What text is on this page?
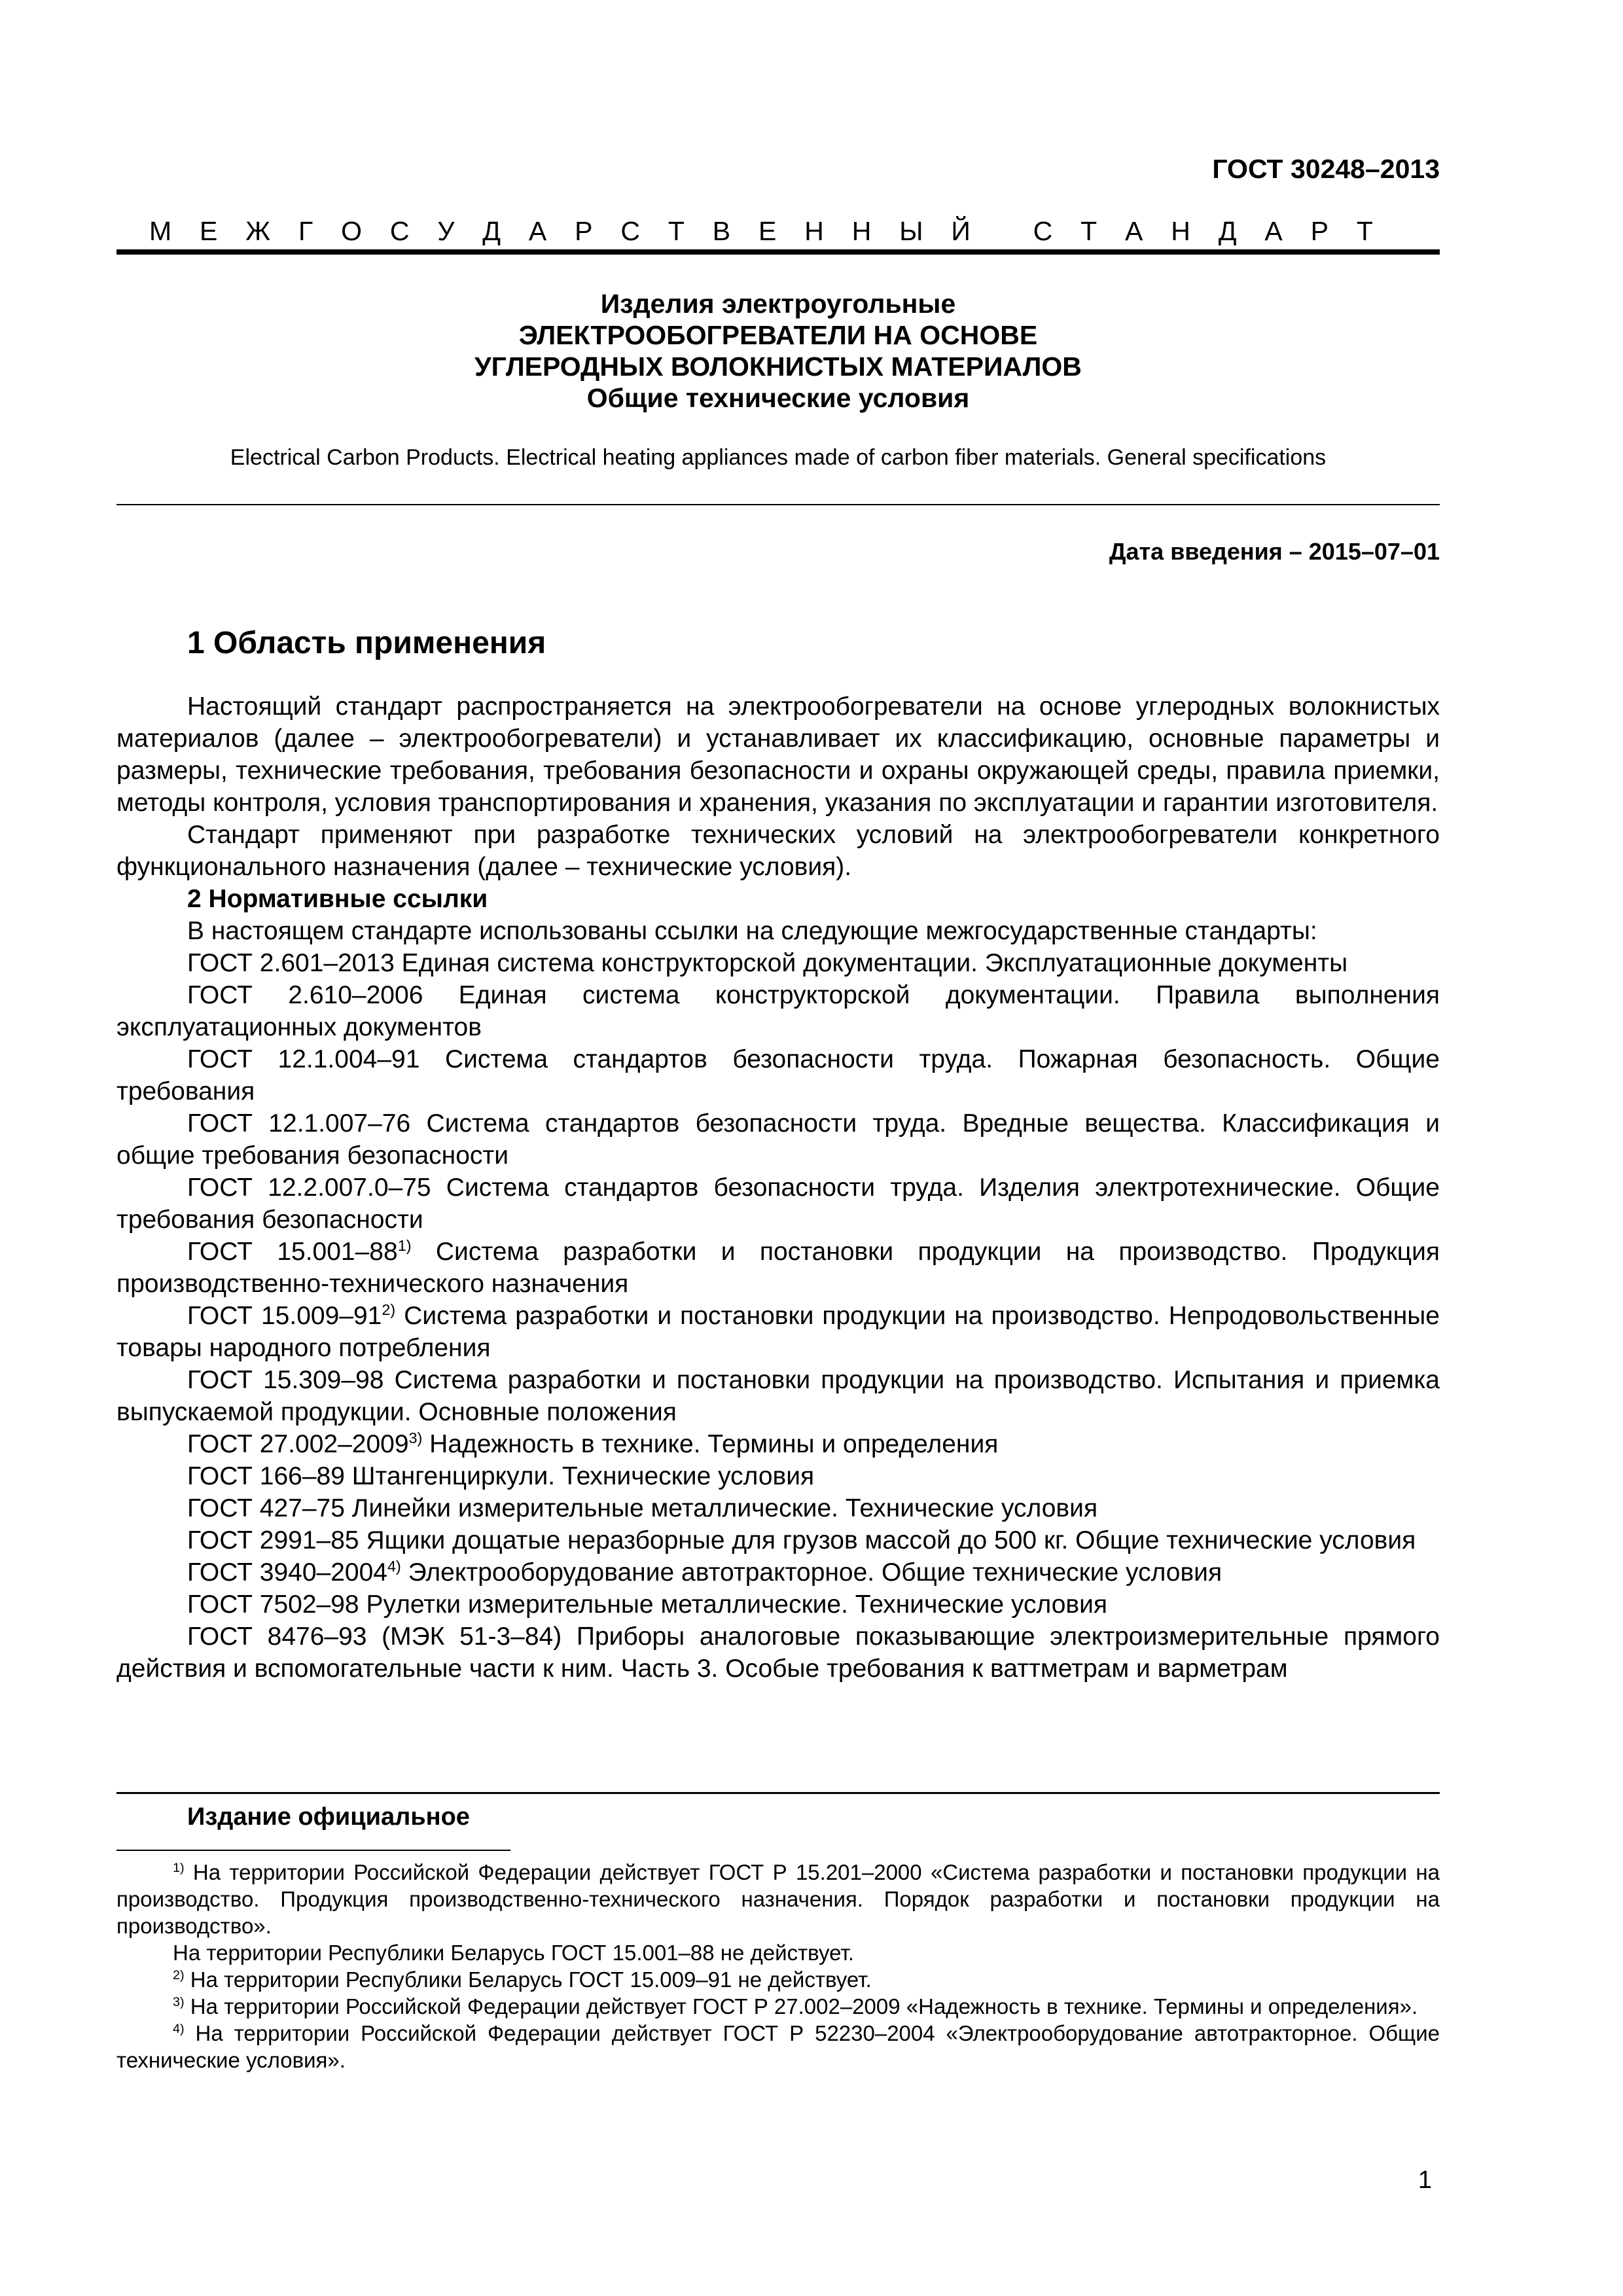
ГОСТ 30248–2013
М Е Ж Г О С У Д А Р С Т В Е Н Н Ы Й С Т А Н Д А Р Т
Изделия электроугольные
ЭЛЕКТРООБОГРЕВАТЕЛИ НА ОСНОВЕ
УГЛЕРОДНЫХ ВОЛОКНИСТЫХ МАТЕРИАЛОВ
Общие технические условия
Electrical Carbon Products. Electrical heating appliances made of carbon fiber materials. General specifications
Дата введения – 2015–07–01
1 Область применения

Настоящий стандарт распространяется на электрообогреватели на основе углеродных волокнистых материалов (далее – электрообогреватели) и устанавливает их классификацию, основные параметры и размеры, технические требования, требования безопасности и охраны окружающей среды, правила приемки, методы контроля, условия транспортирования и хранения, указания по эксплуатации и гарантии изготовителя.

Стандарт применяют при разработке технических условий на электрообогреватели конкретного функционального назначения (далее – технические условия).

2 Нормативные ссылки

В настоящем стандарте использованы ссылки на следующие межгосударственные стандарты:

ГОСТ 2.601–2013 Единая система конструкторской документации. Эксплуатационные документы

ГОСТ 2.610–2006 Единая система конструкторской документации. Правила выполнения эксплуатационных документов

ГОСТ 12.1.004–91 Система стандартов безопасности труда. Пожарная безопасность. Общие требования

ГОСТ 12.1.007–76 Система стандартов безопасности труда. Вредные вещества. Классификация и общие требования безопасности

ГОСТ 12.2.007.0–75 Система стандартов безопасности труда. Изделия электротехнические. Общие требования безопасности

ГОСТ 15.001–88$^{1)}$ Система разработки и постановки продукции на производство. Продукция производственно-технического назначения

ГОСТ 15.009–91$^{2)}$ Система разработки и постановки продукции на производство. Непродовольственные товары народного потребления

ГОСТ 15.309–98 Система разработки и постановки продукции на производство. Испытания и приемка выпускаемой продукции. Основные положения

ГОСТ 27.002–2009$^{3)}$ Надежность в технике. Термины и определения

ГОСТ 166–89 Штангенциркули. Технические условия

ГОСТ 427–75 Линейки измерительные металлические. Технические условия

ГОСТ 2991–85 Ящики дощатые неразборные для грузов массой до 500 кг. Общие технические условия

ГОСТ 3940–2004$^{4)}$ Электрооборудование автотракторное. Общие технические условия

ГОСТ 7502–98 Рулетки измерительные металлические. Технические условия

ГОСТ 8476–93 (МЭК 51-3–84) Приборы аналоговые показывающие электроизмерительные прямого действия и вспомогательные части к ним. Часть 3. Особые требования к ваттметрам и варметрам

Издание официальное

$^{1)}$ На территории Российской Федерации действует ГОСТ Р 15.201–2000 «Система разработки и постановки продукции на производство. Продукция производственно-технического назначения. Порядок разработки и постановки продукции на производство».

На территории Республики Беларусь ГОСТ 15.001–88 не действует.

$^{2)}$ На территории Республики Беларусь ГОСТ 15.009–91 не действует.

$^{3)}$ На территории Российской Федерации действует ГОСТ Р 27.002–2009 «Надежность в технике. Термины и определения».

$^{4)}$ На территории Российской Федерации действует ГОСТ Р 52230–2004 «Электрооборудование автотракторное. Общие технические условия».

1
